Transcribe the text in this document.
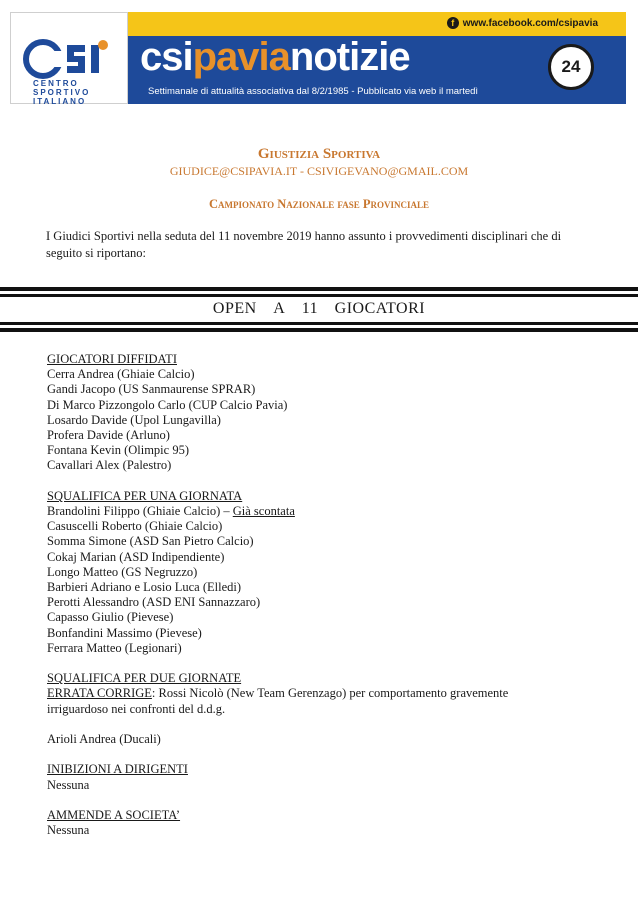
CENTRO
SPORTIVO
ITALIANO
www.csipavia.it	f www.facebook.com/csipavia
csipavianotizie
Settimanale di attualità associativa dal 8/2/1985 - Pubblicato via web il martedì
24
Giustizia Sportiva
GIUDICE@CSIPAVIA.IT - CSIVIGEVANO@GMAIL.COM
Campionato Nazionale fase Provinciale
I Giudici Sportivi nella seduta del 11 novembre 2019 hanno assunto i provvedimenti disciplinari che di seguito si riportano:
OPEN A 11 GIOCATORI
GIOCATORI DIFFIDATI
Cerra Andrea (Ghiaie Calcio)
Gandi Jacopo (US Sanmaurense SPRAR)
Di Marco Pizzongolo Carlo (CUP Calcio Pavia)
Losardo Davide (Upol Lungavilla)
Profera Davide (Arluno)
Fontana Kevin (Olimpic 95)
Cavallari Alex (Palestro)
SQUALIFICA PER UNA GIORNATA
Brandolini Filippo (Ghiaie Calcio) – Già scontata
Casuscelli Roberto (Ghiaie Calcio)
Somma Simone (ASD San Pietro Calcio)
Cokaj Marian (ASD Indipendiente)
Longo Matteo (GS Negruzzo)
Barbieri Adriano e Losio Luca (Elledi)
Perotti Alessandro (ASD ENI Sannazzaro)
Capasso Giulio (Pievese)
Bonfandini Massimo (Pievese)
Ferrara Matteo (Legionari)
SQUALIFICA PER DUE GIORNATE
ERRATA CORRIGE: Rossi Nicolò (New Team Gerenzago) per comportamento gravemente
irriguardoso nei confronti del d.d.g.
Arioli Andrea (Ducali)
INIBIZIONI A DIRIGENTI
Nessuna
AMMENDE A SOCIETA’
Nessuna
